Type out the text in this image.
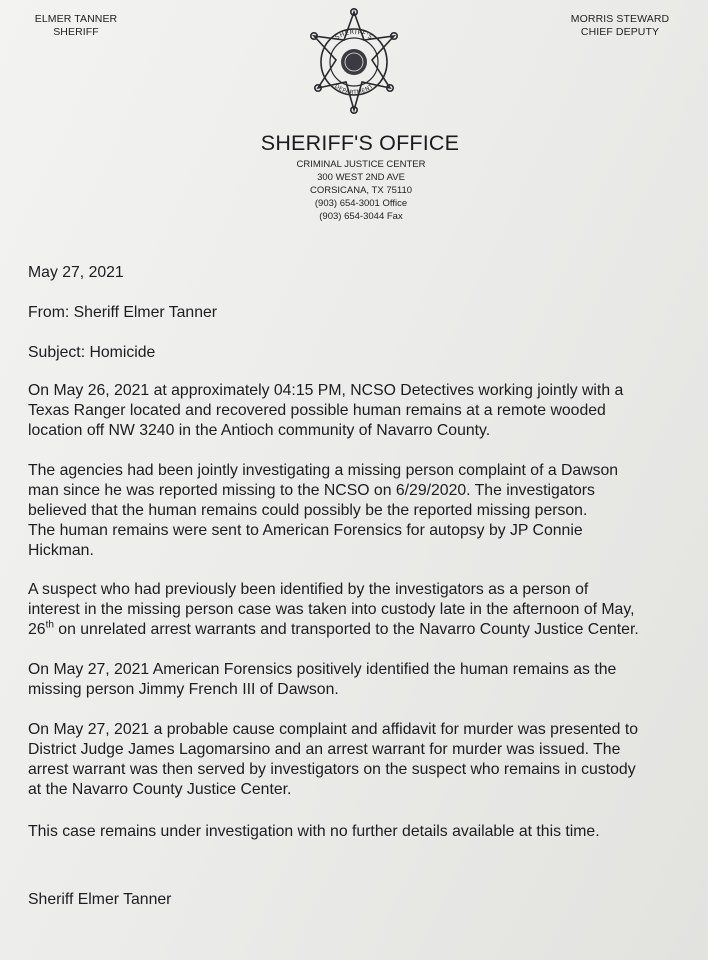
ELMER TANNER
SHERIFF
MORRIS STEWARD
CHIEF DEPUTY
SHERIFF'S
DEPARTMENT
SHERIFF'S OFFICE
CRIMINAL JUSTICE CENTER
300 WEST 2ND AVE
CORSICANA, TX 75110
(903) 654-3001 Office
(903) 654-3044 Fax
May 27, 2021
From: Sheriff Elmer Tanner
Subject: Homicide
On May 26, 2021 at approximately 04:15 PM, NCSO Detectives working jointly with a
Texas Ranger located and recovered possible human remains at a remote wooded
location off NW 3240 in the Antioch community of Navarro County.
The agencies had been jointly investigating a missing person complaint of a Dawson
man since he was reported missing to the NCSO on 6/29/2020. The investigators
believed that the human remains could possibly be the reported missing person.
The human remains were sent to American Forensics for autopsy by JP Connie
Hickman.
A suspect who had previously been identified by the investigators as a person of
interest in the missing person case was taken into custody late in the afternoon of May,
26th on unrelated arrest warrants and transported to the Navarro County Justice Center.
On May 27, 2021 American Forensics positively identified the human remains as the
missing person Jimmy French III of Dawson.
On May 27, 2021 a probable cause complaint and affidavit for murder was presented to
District Judge James Lagomarsino and an arrest warrant for murder was issued. The
arrest warrant was then served by investigators on the suspect who remains in custody
at the Navarro County Justice Center.
This case remains under investigation with no further details available at this time.
Sheriff Elmer Tanner
